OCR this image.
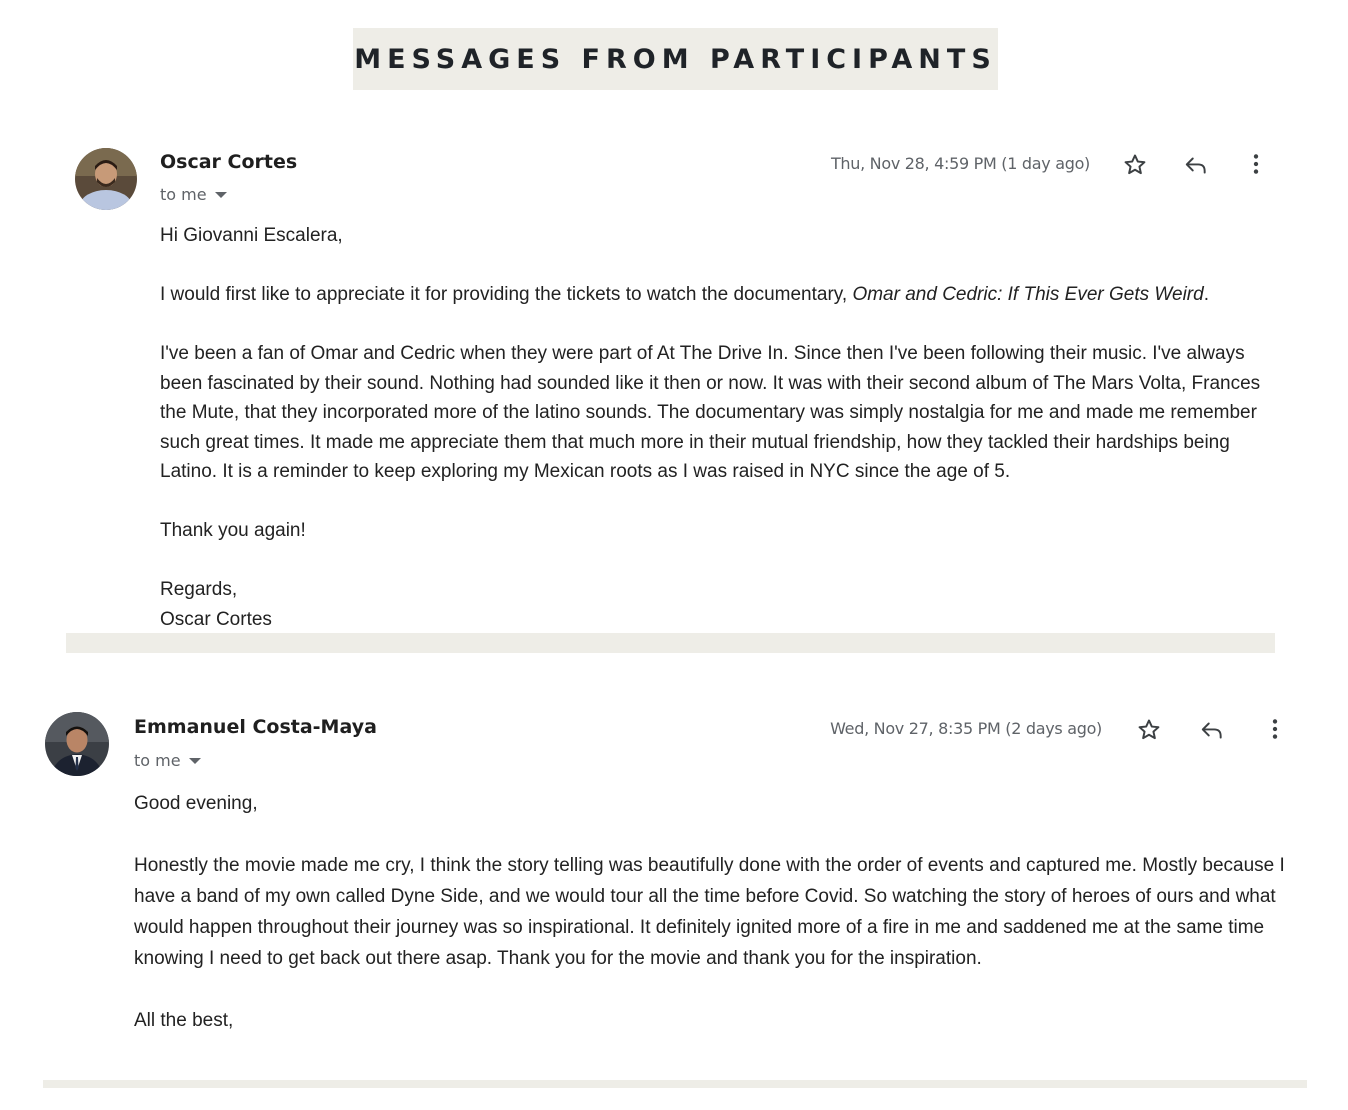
MESSAGES FROM PARTICIPANTS
Oscar Cortes
to me
Thu, Nov 28, 4:59 PM (1 day ago)

Hi Giovanni Escalera,

I would first like to appreciate it for providing the tickets to watch the documentary, Omar and Cedric: If This Ever Gets Weird.

I've been a fan of Omar and Cedric when they were part of At The Drive In. Since then I've been following their music. I've always been fascinated by their sound. Nothing had sounded like it then or now. It was with their second album of The Mars Volta, Frances the Mute, that they incorporated more of the latino sounds. The documentary was simply nostalgia for me and made me remember such great times. It made me appreciate them that much more in their mutual friendship, how they tackled their hardships being Latino. It is a reminder to keep exploring my Mexican roots as I was raised in NYC since the age of 5.

Thank you again!

Regards,

Oscar Cortes

Emmanuel Costa-Maya
to me
Wed, Nov 27, 8:35 PM (2 days ago)

Good evening,

Honestly the movie made me cry, I think the story telling was beautifully done with the order of events and captured me. Mostly because I have a band of my own called Dyne Side, and we would tour all the time before Covid. So watching the story of heroes of ours and what would happen throughout their journey was so inspirational. It definitely ignited more of a fire in me and saddened me at the same time knowing I need to get back out there asap. Thank you for the movie and thank you for the inspiration.

All the best,
